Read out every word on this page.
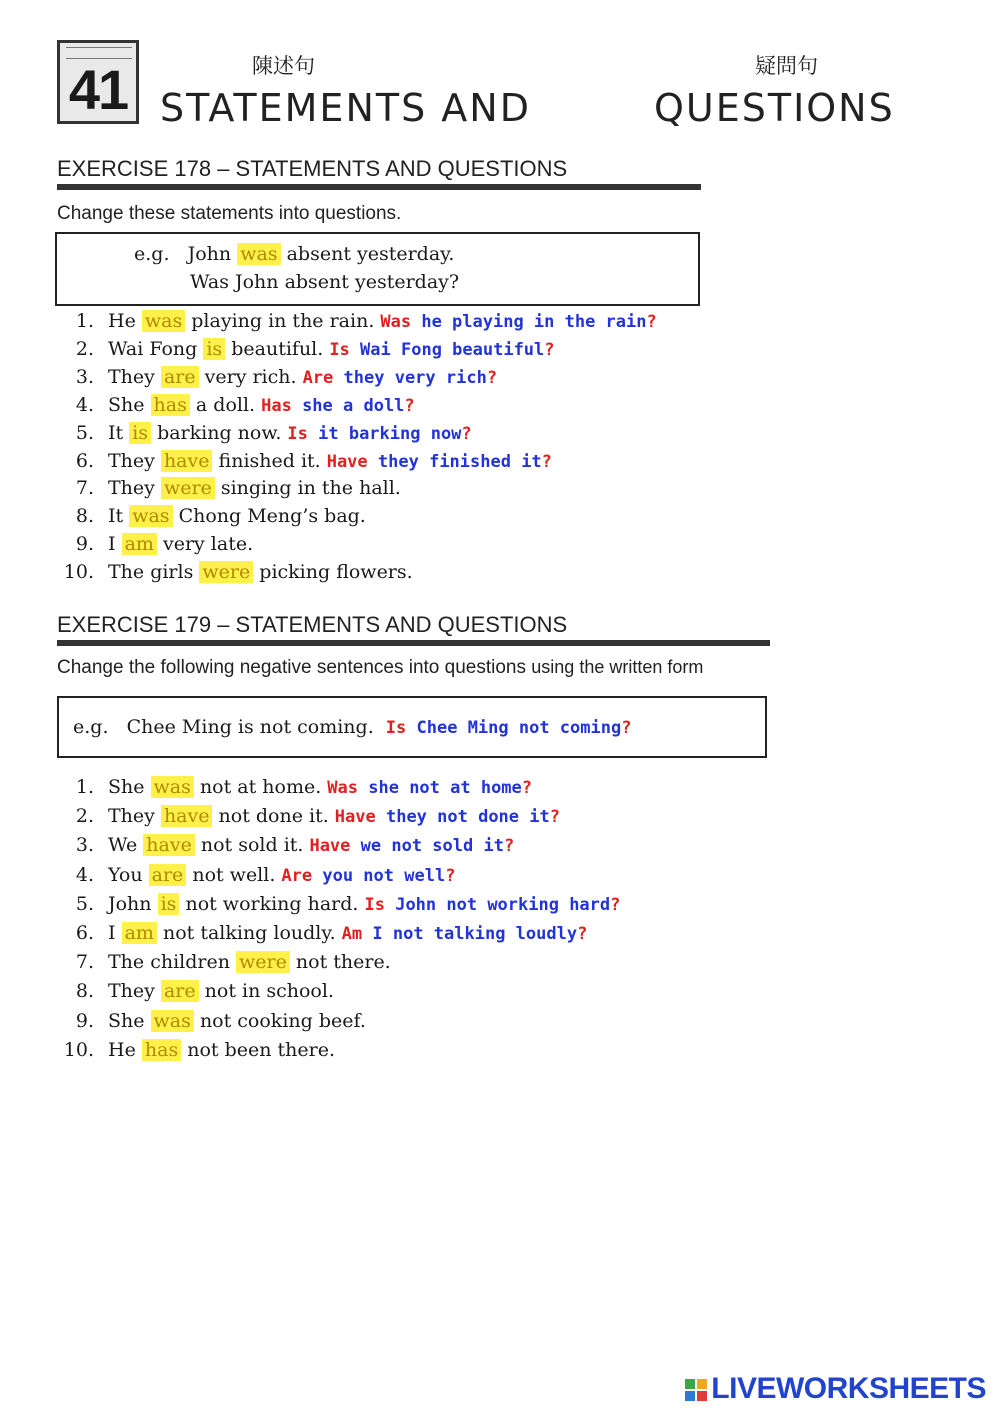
41	陳述句	疑問句
STATEMENTS AND	QUESTIONS
EXERCISE 178 – STATEMENTS AND QUESTIONS
Change these statements into questions.
e.g. John was absent yesterday.
Was John absent yesterday?
1. He was playing in the rain. Was he playing in the rain?
2. Wai Fong is beautiful. Is Wai Fong beautiful?
3. They are very rich. Are they very rich?
4. She has a doll. Has she a doll?
5. It is barking now. Is it barking now?
6. They have finished it. Have they finished it?
7. They were singing in the hall.
8. It was Chong Meng’s bag.
9. I am very late.
10. The girls were picking flowers.
EXERCISE 179 – STATEMENTS AND QUESTIONS
Change the following negative sentences into questions using the written form
e.g. Chee Ming is not coming. Is Chee Ming not coming?
1. She was not at home. Was she not at home?
2. They have not done it. Have they not done it?
3. We have not sold it. Have we not sold it?
4. You are not well. Are you not well?
5. John is not working hard. Is John not working hard?
6. I am not talking loudly. Am I not talking loudly?
7. The children were not there.
8. They are not in school.
9. She was not cooking beef.
10. He has not been there.
LIVEWORKSHEETS
